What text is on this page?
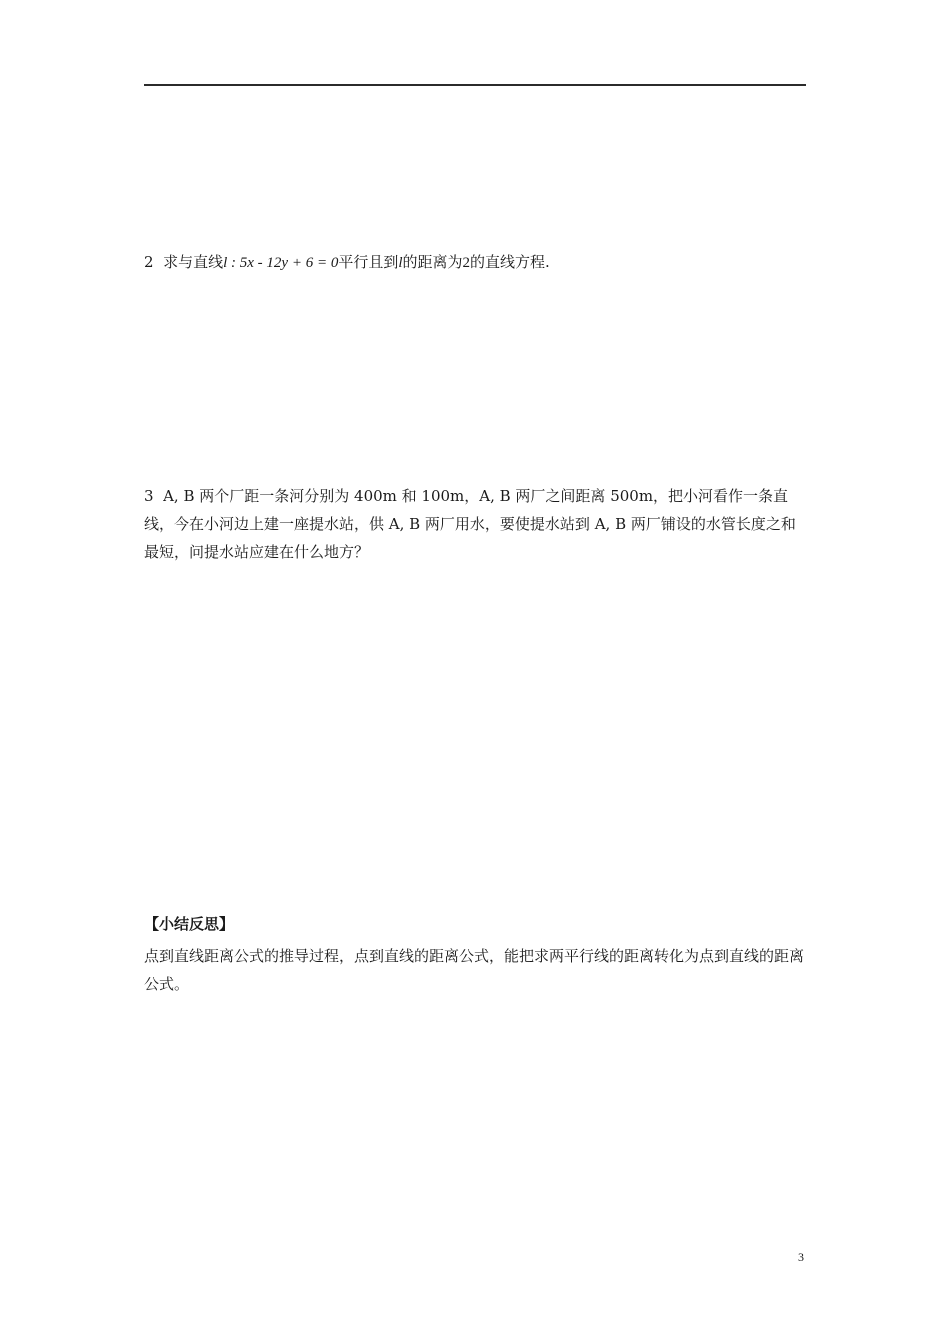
2 求与直线l : 5x - 12y + 6 = 0平行且到l的距离为2的直线方程.

3 A, B 两个厂距一条河分别为 400m 和 100m，A, B 两厂之间距离 500m，把小河看作一条直线，今在小河边上建一座提水站，供 A, B 两厂用水，要使提水站到 A, B 两厂铺设的水管长度之和最短，问提水站应建在什么地方？

【小结反思】

点到直线距离公式的推导过程，点到直线的距离公式，能把求两平行线的距离转化为点到直线的距离公式。

3
